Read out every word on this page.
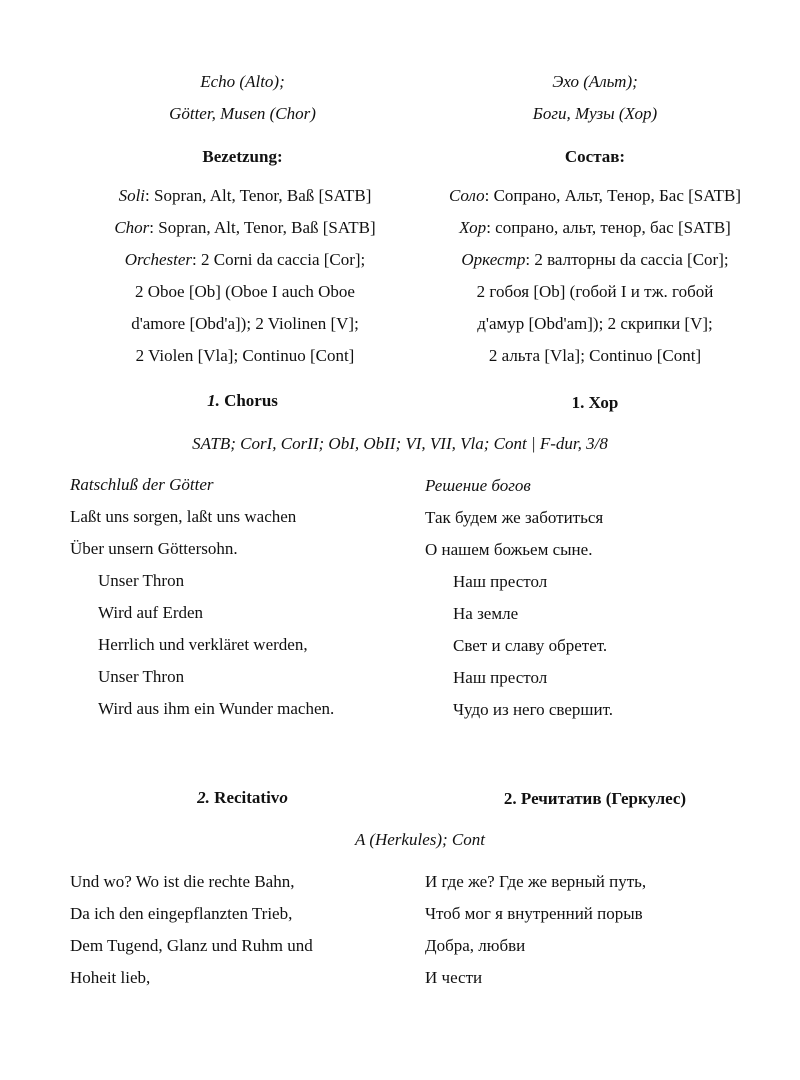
Echo (Alto);
Götter, Musen (Chor)
Эхо (Альт);
Боги, Музы (Хор)
Bezetzung:	Состав:
Soli: Sopran, Alt, Tenor, Baß [SATB]
Chor: Sopran, Alt, Tenor, Baß [SATB]
Orchester: 2 Corni da caccia [Cor];
2 Oboe [Ob] (Oboe I auch Oboe
d'amore [Obd'a]); 2 Violinen [V];
2 Violen [Vla]; Continuo [Cont]
Соло: Сопрано, Альт, Тенор, Бас [SATB]
Хор: сопрано, альт, тенор, бас [SATB]
Оркестр: 2 валторны da caccia [Cor];
2 гобоя [Ob] (гобой I и тж. гобой
д'амур [Obd'am]); 2 скрипки [V];
2 альта [Vla]; Continuo [Cont]
1. Chorus	1. Хор
SATB; CorI, CorII; ObI, ObII; VI, VII, Vla; Cont | F-dur, 3/8
Ratschluß der Götter
Laßt uns sorgen, laßt uns wachen
Über unsern Göttersohn.
Unser Thron
Wird auf Erden
Herrlich und verkläret werden,
Unser Thron
Wird aus ihm ein Wunder machen.
Решение богов
Так будем же заботиться
О нашем божьем сыне.
Наш престол
На земле
Свет и славу обретет.
Наш престол
Чудо из него свершит.
2. Recitativo	2. Речитатив (Геркулес)
A (Herkules); Cont
Und wo? Wo ist die rechte Bahn,
Da ich den eingepflanzten Trieb,
Dem Tugend, Glanz und Ruhm und
Hoheit lieb,
И где же? Где же верный путь,
Чтоб мог я внутренний порыв
Добра, любви
И чести
